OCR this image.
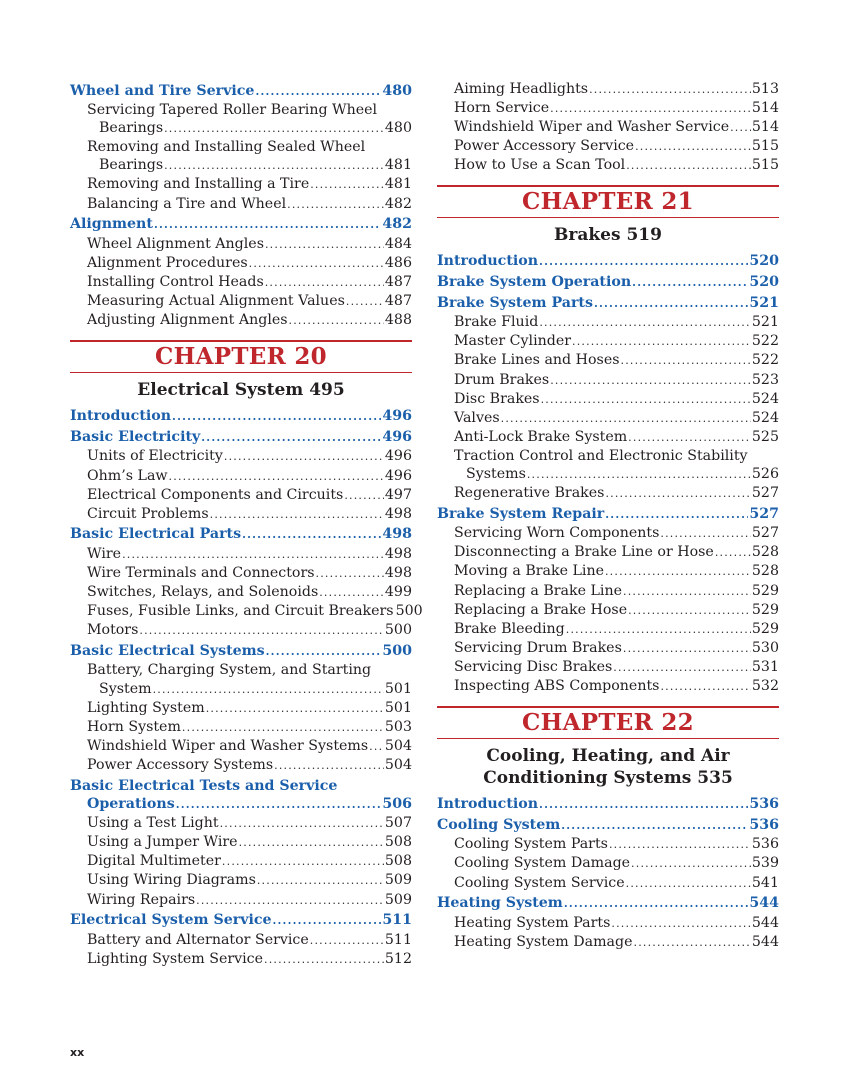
Wheel and Tire Service .....	480
Servicing Tapered Roller Bearing Wheel
Bearings .....	480
Removing and Installing Sealed Wheel
Bearings .....	481
Removing and Installing a Tire .....	481
Balancing a Tire and Wheel .....	482
Alignment .....	482
Wheel Alignment Angles .....	484
Alignment Procedures .....	486
Installing Control Heads .....	487
Measuring Actual Alignment Values .....	487
Adjusting Alignment Angles .....	488
CHAPTER 20
Electrical System 495
Introduction .....	496
Basic Electricity .....	496
Units of Electricity .....	496
Ohm’s Law .....	496
Electrical Components and Circuits .....	497
Circuit Problems .....	498
Basic Electrical Parts .....	498
Wire .....	498
Wire Terminals and Connectors .....	498
Switches, Relays, and Solenoids .....	499
Fuses, Fusible Links, and Circuit Breakers 500
Motors .....	500
Basic Electrical Systems .....	500
Battery, Charging System, and Starting
System .....	501
Lighting System .....	501
Horn System .....	503
Windshield Wiper and Washer Systems ..... 504
Power Accessory Systems .....	504
Basic Electrical Tests and Service
Operations .....	506
Using a Test Light .....	507
Using a Jumper Wire .....	508
Digital Multimeter .....	508
Using Wiring Diagrams .....	509
Wiring Repairs .....	509
Electrical System Service .....	511
Battery and Alternator Service .....	511
Lighting System Service .....	512
Aiming Headlights .....	513
Horn Service .....	514
Windshield Wiper and Washer Service ..... 514
Power Accessory Service .....	515
How to Use a Scan Tool .....	515
CHAPTER 21
Brakes 519
Introduction .....	520
Brake System Operation .....	520
Brake System Parts .....	521
Brake Fluid .....	521
Master Cylinder .....	522
Brake Lines and Hoses .....	522
Drum Brakes .....	523
Disc Brakes .....	524
Valves .....	524
Anti-Lock Brake System .....	525
Traction Control and Electronic Stability
Systems .....	526
Regenerative Brakes .....	527
Brake System Repair .....	527
Servicing Worn Components .....	527
Disconnecting a Brake Line or Hose .....	528
Moving a Brake Line .....	528
Replacing a Brake Line .....	529
Replacing a Brake Hose .....	529
Brake Bleeding .....	529
Servicing Drum Brakes .....	530
Servicing Disc Brakes .....	531
Inspecting ABS Components .....	532
CHAPTER 22
Cooling, Heating, and Air
Conditioning Systems 535
Introduction .....	536
Cooling System .....	536
Cooling System Parts .....	536
Cooling System Damage .....	539
Cooling System Service .....	541
Heating System .....	544
Heating System Parts .....	544
Heating System Damage .....	544
xx
